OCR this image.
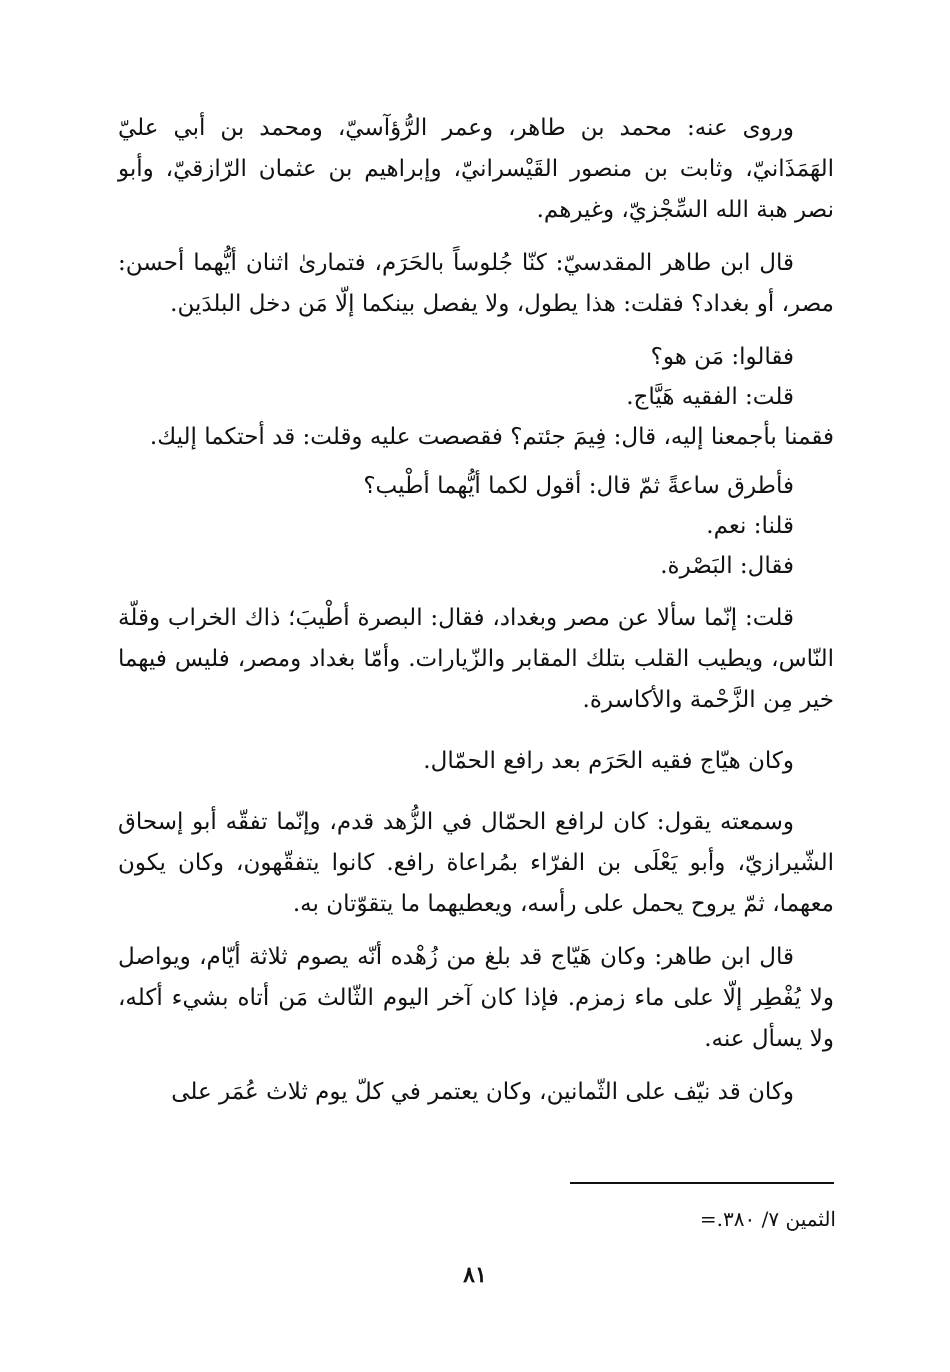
وروى عنه: محمد بن طاهر، وعمر الرُّؤآسيّ، ومحمد بن أبي عليّ الهَمَذَانيّ، وثابت بن منصور القَيْسرانيّ، وإبراهيم بن عثمان الرّازقيّ، وأبو نصر هبة الله السِّجْزيّ، وغيرهم.

قال ابن طاهر المقدسيّ: كنّا جُلوساً بالحَرَم، فتمارىٰ اثنان أيُّهما أحسن: مصر، أو بغداد؟ فقلت: هذا يطول، ولا يفصل بينكما إلّا مَن دخل البلدَين.

فقالوا: مَن هو؟

قلت: الفقيه هَيَّاج.

فقمنا بأجمعنا إليه، قال: فِيمَ جئتم؟ فقصصت عليه وقلت: قد أحتكما إليك.

فأطرق ساعةً ثمّ قال: أقول لكما أيُّهما أطْيب؟

قلنا: نعم.

فقال: البَصْرة.

قلت: إنّما سألا عن مصر وبغداد، فقال: البصرة أطْيبَ؛ ذاك الخراب وقلّة النّاس، ويطيب القلب بتلك المقابر والزّيارات. وأمّا بغداد ومصر، فليس فيهما خير مِن الزَّحْمة والأكاسرة.

وكان هيّاج فقيه الحَرَم بعد رافع الحمّال.

وسمعته يقول: كان لرافع الحمّال في الزُّهد قدم، وإنّما تفقّه أبو إسحاق الشّيرازيّ، وأبو يَعْلَى بن الفرّاء بمُراعاة رافع. كانوا يتفقّهون، وكان يكون معهما، ثمّ يروح يحمل على رأسه، ويعطيهما ما يتقوّتان به.

قال ابن طاهر: وكان هَيّاج قد بلغ من زُهْده أنّه يصوم ثلاثة أيّام، ويواصل ولا يُفْطِر إلّا على ماء زمزم. فإذا كان آخر اليوم الثّالث مَن أتاه بشيء أكله، ولا يسأل عنه.

وكان قد نيّف على الثّمانين، وكان يعتمر في كلّ يوم ثلاث عُمَر على

الثمين ٧/ ٣٨٠.=
٨١
